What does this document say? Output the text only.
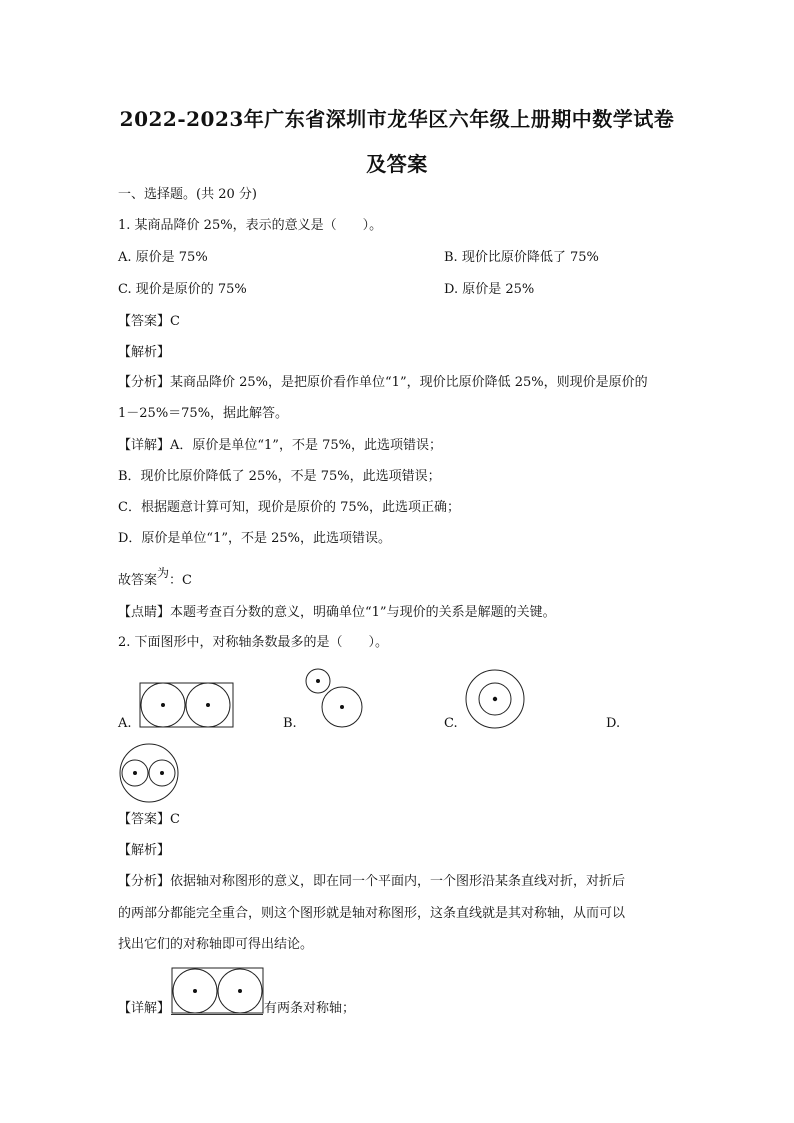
2022-2023年广东省深圳市龙华区六年级上册期中数学试卷
及答案
一、选择题。(共 20 分)
1. 某商品降价 25%，表示的意义是（　　）。
A. 原价是 75%	B. 现价比原价降低了 75%
C. 现价是原价的 75%	D. 原价是 25%
【答案】C
【解析】
【分析】某商品降价 25%，是把原价看作单位“1”，现价比原价降低 25%，则现价是原价的
1－25%＝75%，据此解答。
【详解】A．原价是单位“1”，不是 75%，此选项错误；
B．现价比原价降低了 25%，不是 75%，此选项错误；
C．根据题意计算可知，现价是原价的 75%，此选项正确；
D．原价是单位“1”，不是 25%，此选项错误。
故答案为：C
【点睛】本题考查百分数的意义，明确单位“1”与现价的关系是解题的关键。
2. 下面图形中，对称轴条数最多的是（　　）。
A.	B.	C.	D.
【答案】C
【解析】
【分析】依据轴对称图形的意义，即在同一个平面内，一个图形沿某条直线对折，对折后
的两部分都能完全重合，则这个图形就是轴对称图形，这条直线就是其对称轴，从而可以
找出它们的对称轴即可得出结论。
【详解】	有两条对称轴；
